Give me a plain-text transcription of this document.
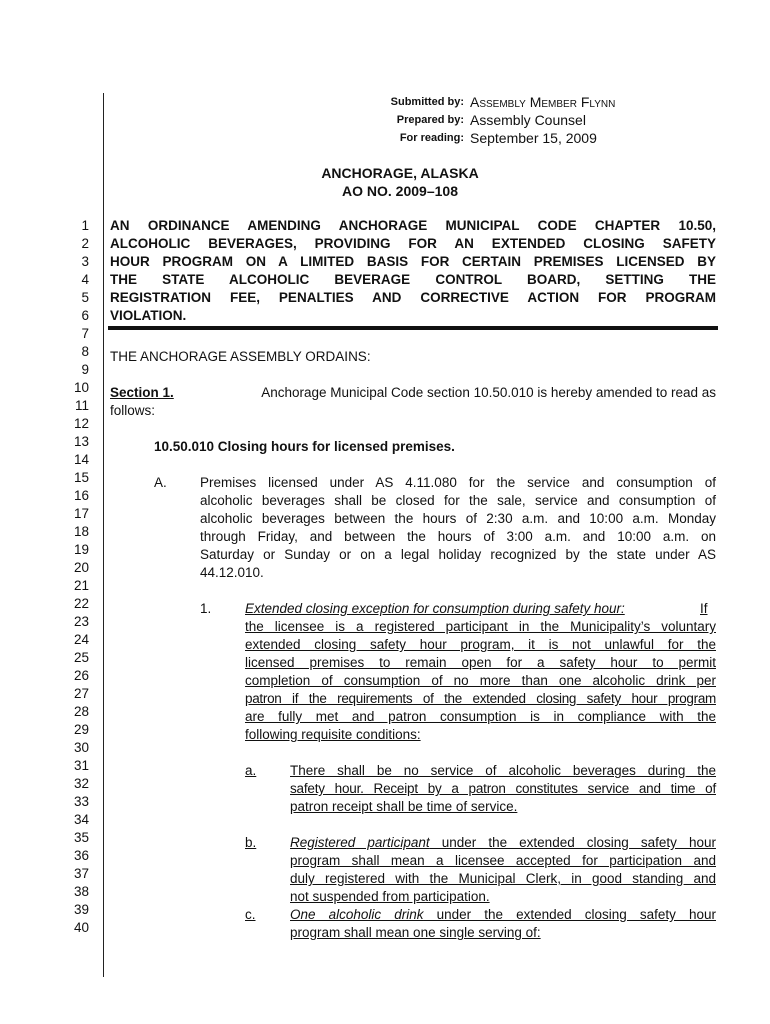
Submitted by: Assembly Member Flynn
Prepared by: Assembly Counsel
For reading: September 15, 2009
ANCHORAGE, ALASKA
AO NO. 2009–108
1
2
3
4
5
6
7
8
9
10
11
12
13
14
15
16
17
18
19
20
21
22
23
24
25
26
27
28
29
30
31
32
33
34
35
36
37
38
39
40
AN ORDINANCE AMENDING ANCHORAGE MUNICIPAL CODE CHAPTER 10.50,
ALCOHOLIC BEVERAGES, PROVIDING FOR AN EXTENDED CLOSING SAFETY
HOUR PROGRAM ON A LIMITED BASIS FOR CERTAIN PREMISES LICENSED BY
THE STATE ALCOHOLIC BEVERAGE CONTROL BOARD, SETTING THE
REGISTRATION FEE, PENALTIES AND CORRECTIVE ACTION FOR PROGRAM
VIOLATION.
THE ANCHORAGE ASSEMBLY ORDAINS:
Section 1.	Anchorage Municipal Code section 10.50.010 is hereby amended to read as
follows:
10.50.010 Closing hours for licensed premises.
A. Premises licensed under AS 4.11.080 for the service and consumption of
alcoholic beverages shall be closed for the sale, service and consumption of
alcoholic beverages between the hours of 2:30 a.m. and 10:00 a.m. Monday
through Friday, and between the hours of 3:00 a.m. and 10:00 a.m. on
Saturday or Sunday or on a legal holiday recognized by the state under AS
44.12.010.
1. Extended closing exception for consumption during safety hour:	If
the licensee is a registered participant in the Municipality’s voluntary
extended closing safety hour program, it is not unlawful for the
licensed premises to remain open for a safety hour to permit
completion of consumption of no more than one alcoholic drink per
patron if the requirements of the extended closing safety hour program
are fully met and patron consumption is in compliance with the
following requisite conditions:
a. There shall be no service of alcoholic beverages during the
safety hour. Receipt by a patron constitutes service and time of
patron receipt shall be time of service.
b. Registered participant under the extended closing safety hour
program shall mean a licensee accepted for participation and
duly registered with the Municipal Clerk, in good standing and
not suspended from participation.
c.	One alcoholic drink under the extended closing safety hour
program shall mean one single serving of:
